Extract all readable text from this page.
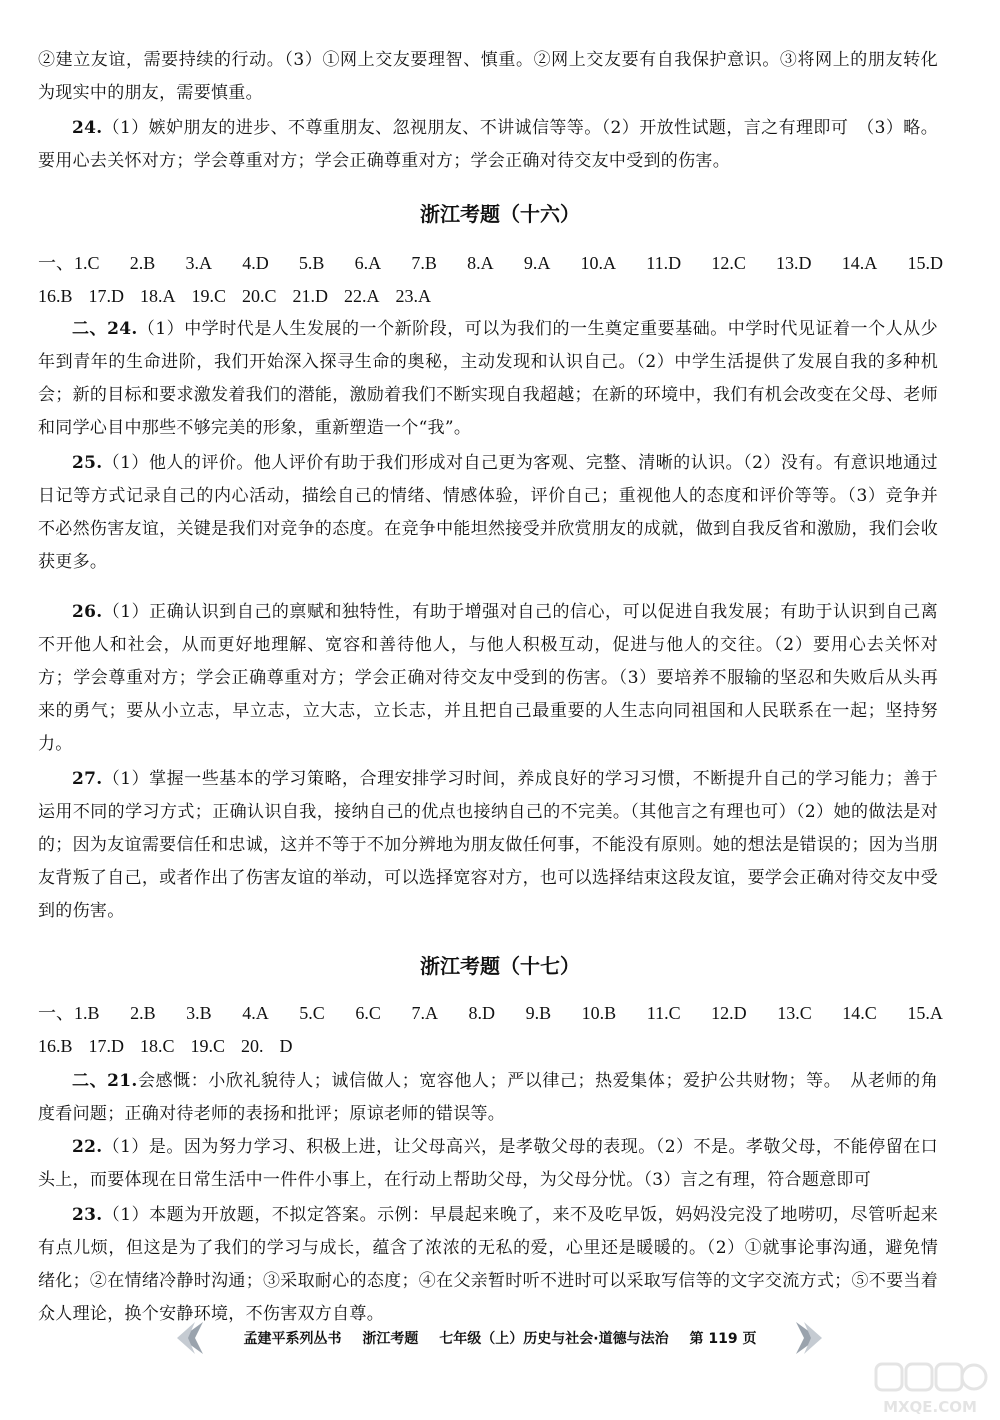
②建立友谊，需要持续的行动。（3）①网上交友要理智、慎重。②网上交友要有自我保护意识。③将网上的朋友转化为现实中的朋友，需要慎重。

24.（1）嫉妒朋友的进步、不尊重朋友、忽视朋友、不讲诚信等等。（2）开放性试题，言之有理即可　（3）略。要用心去关怀对方；学会尊重对方；学会正确尊重对方；学会正确对待交友中受到的伤害。

浙江考题（十六）
一、1.C 2.B 3.A 4.D 5.B 6.A 7.B 8.A 9.A 10.A 11.D 12.C 13.D 14.A 15.D
16.B 17.D 18.A 19.C 20.C 21.D 22.A 23.A

二、24.（1）中学时代是人生发展的一个新阶段，可以为我们的一生奠定重要基础。中学时代见证着一个人从少年到青年的生命进阶，我们开始深入探寻生命的奥秘，主动发现和认识自己。（2）中学生活提供了发展自我的多种机会；新的目标和要求激发着我们的潜能，激励着我们不断实现自我超越；在新的环境中，我们有机会改变在父母、老师和同学心目中那些不够完美的形象，重新塑造一个“我”。

25.（1）他人的评价。他人评价有助于我们形成对自己更为客观、完整、清晰的认识。（2）没有。有意识地通过日记等方式记录自己的内心活动，描绘自己的情绪、情感体验，评价自己；重视他人的态度和评价等等。（3）竞争并不必然伤害友谊，关键是我们对竞争的态度。在竞争中能坦然接受并欣赏朋友的成就，做到自我反省和激励，我们会收获更多。

26.（1）正确认识到自己的禀赋和独特性，有助于增强对自己的信心，可以促进自我发展；有助于认识到自己离不开他人和社会，从而更好地理解、宽容和善待他人，与他人积极互动，促进与他人的交往。（2）要用心去关怀对方；学会尊重对方；学会正确尊重对方；学会正确对待交友中受到的伤害。（3）要培养不服输的坚忍和失败后从头再来的勇气；要从小立志，早立志，立大志，立长志，并且把自己最重要的人生志向同祖国和人民联系在一起；坚持努力。

27.（1）掌握一些基本的学习策略，合理安排学习时间，养成良好的学习习惯，不断提升自己的学习能力；善于运用不同的学习方式；正确认识自我，接纳自己的优点也接纳自己的不完美。（其他言之有理也可）（2）她的做法是对的；因为友谊需要信任和忠诚，这并不等于不加分辨地为朋友做任何事，不能没有原则。她的想法是错误的；因为当朋友背叛了自己，或者作出了伤害友谊的举动，可以选择宽容对方，也可以选择结束这段友谊，要学会正确对待交友中受到的伤害。

浙江考题（十七）
一、1.B 2.B 3.B 4.A 5.C 6.C 7.A 8.D 9.B 10.B 11.C 12.D 13.C 14.C 15.A
16.B 17.D 18.C 19.C 20. D

二、21.会感慨：小欣礼貌待人；诚信做人；宽容他人；严以律己；热爱集体；爱护公共财物；等。　从老师的角度看问题；正确对待老师的表扬和批评；原谅老师的错误等。

22.（1）是。因为努力学习、积极上进，让父母高兴，是孝敬父母的表现。（2）不是。孝敬父母，不能停留在口头上，而要体现在日常生活中一件件小事上，在行动上帮助父母，为父母分忧。（3）言之有理，符合题意即可

23.（1）本题为开放题，不拟定答案。示例：早晨起来晚了，来不及吃早饭，妈妈没完没了地唠叨，尽管听起来有点儿烦，但这是为了我们的学习与成长，蕴含了浓浓的无私的爱，心里还是暖暖的。（2）①就事论事沟通，避免情绪化；②在情绪冷静时沟通；③采取耐心的态度；④在父亲暂时听不进时可以采取写信等的文字交流方式；⑤不要当着众人理论，换个安静环境，不伤害双方自尊。

孟建平系列丛书 浙江考题 七年级（上）历史与社会·道德与法治 第 119 页
MXQE.COM
